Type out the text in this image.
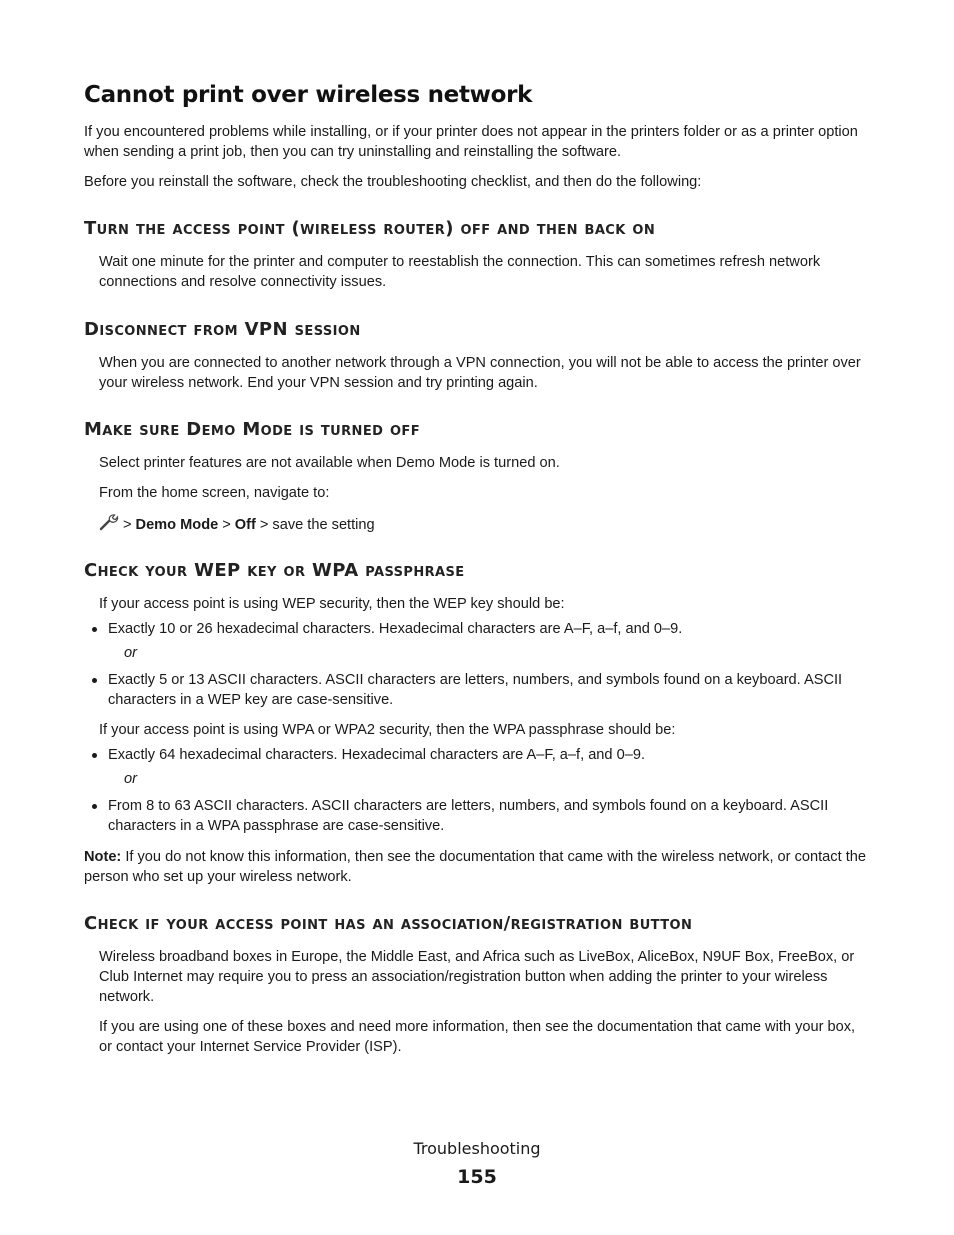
Cannot print over wireless network

If you encountered problems while installing, or if your printer does not appear in the printers folder or as a printer option when sending a print job, then you can try uninstalling and reinstalling the software.

Before you reinstall the software, check the troubleshooting checklist, and then do the following:

Turn the access point (wireless router) off and then back on

Wait one minute for the printer and computer to reestablish the connection. This can sometimes refresh network connections and resolve connectivity issues.

Disconnect from VPN session

When you are connected to another network through a VPN connection, you will not be able to access the printer over your wireless network. End your VPN session and try printing again.

Make sure Demo Mode is turned off

Select printer features are not available when Demo Mode is turned on.

From the home screen, navigate to:

> Demo Mode > Off > save the setting
Check your WEP key or WPA passphrase

If your access point is using WEP security, then the WEP key should be:

Exactly 10 or 26 hexadecimal characters. Hexadecimal characters are A–F, a–f, and 0–9.

or

Exactly 5 or 13 ASCII characters. ASCII characters are letters, numbers, and symbols found on a keyboard. ASCII characters in a WEP key are case-sensitive.

If your access point is using WPA or WPA2 security, then the WPA passphrase should be:

Exactly 64 hexadecimal characters. Hexadecimal characters are A–F, a–f, and 0–9.

or

From 8 to 63 ASCII characters. ASCII characters are letters, numbers, and symbols found on a keyboard. ASCII characters in a WPA passphrase are case-sensitive.

Note: If you do not know this information, then see the documentation that came with the wireless network, or contact the person who set up your wireless network.

Check if your access point has an association/registration button

Wireless broadband boxes in Europe, the Middle East, and Africa such as LiveBox, AliceBox, N9UF Box, FreeBox, or Club Internet may require you to press an association/registration button when adding the printer to your wireless network.

If you are using one of these boxes and need more information, then see the documentation that came with your box, or contact your Internet Service Provider (ISP).

Troubleshooting
155
